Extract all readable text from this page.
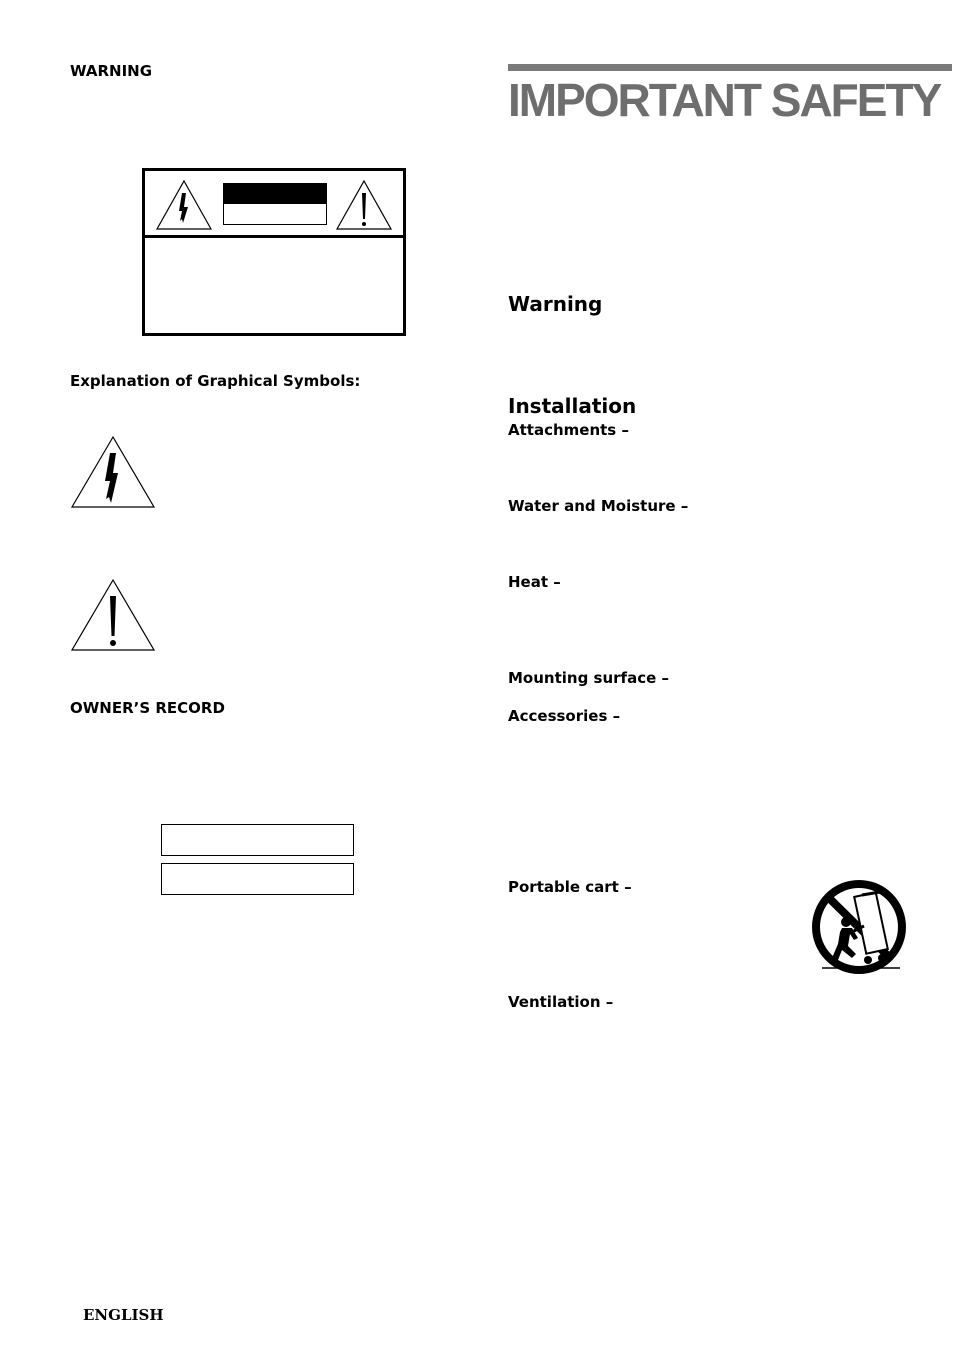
WARNING
Explanation of Graphical Symbols:
OWNER’S RECORD
ENGLISH
IMPORTANT SAFETY
Warning
Installation
Attachments –
Water and Moisture –
Heat –
Mounting surface –
Accessories –
Portable cart –
Ventilation –
